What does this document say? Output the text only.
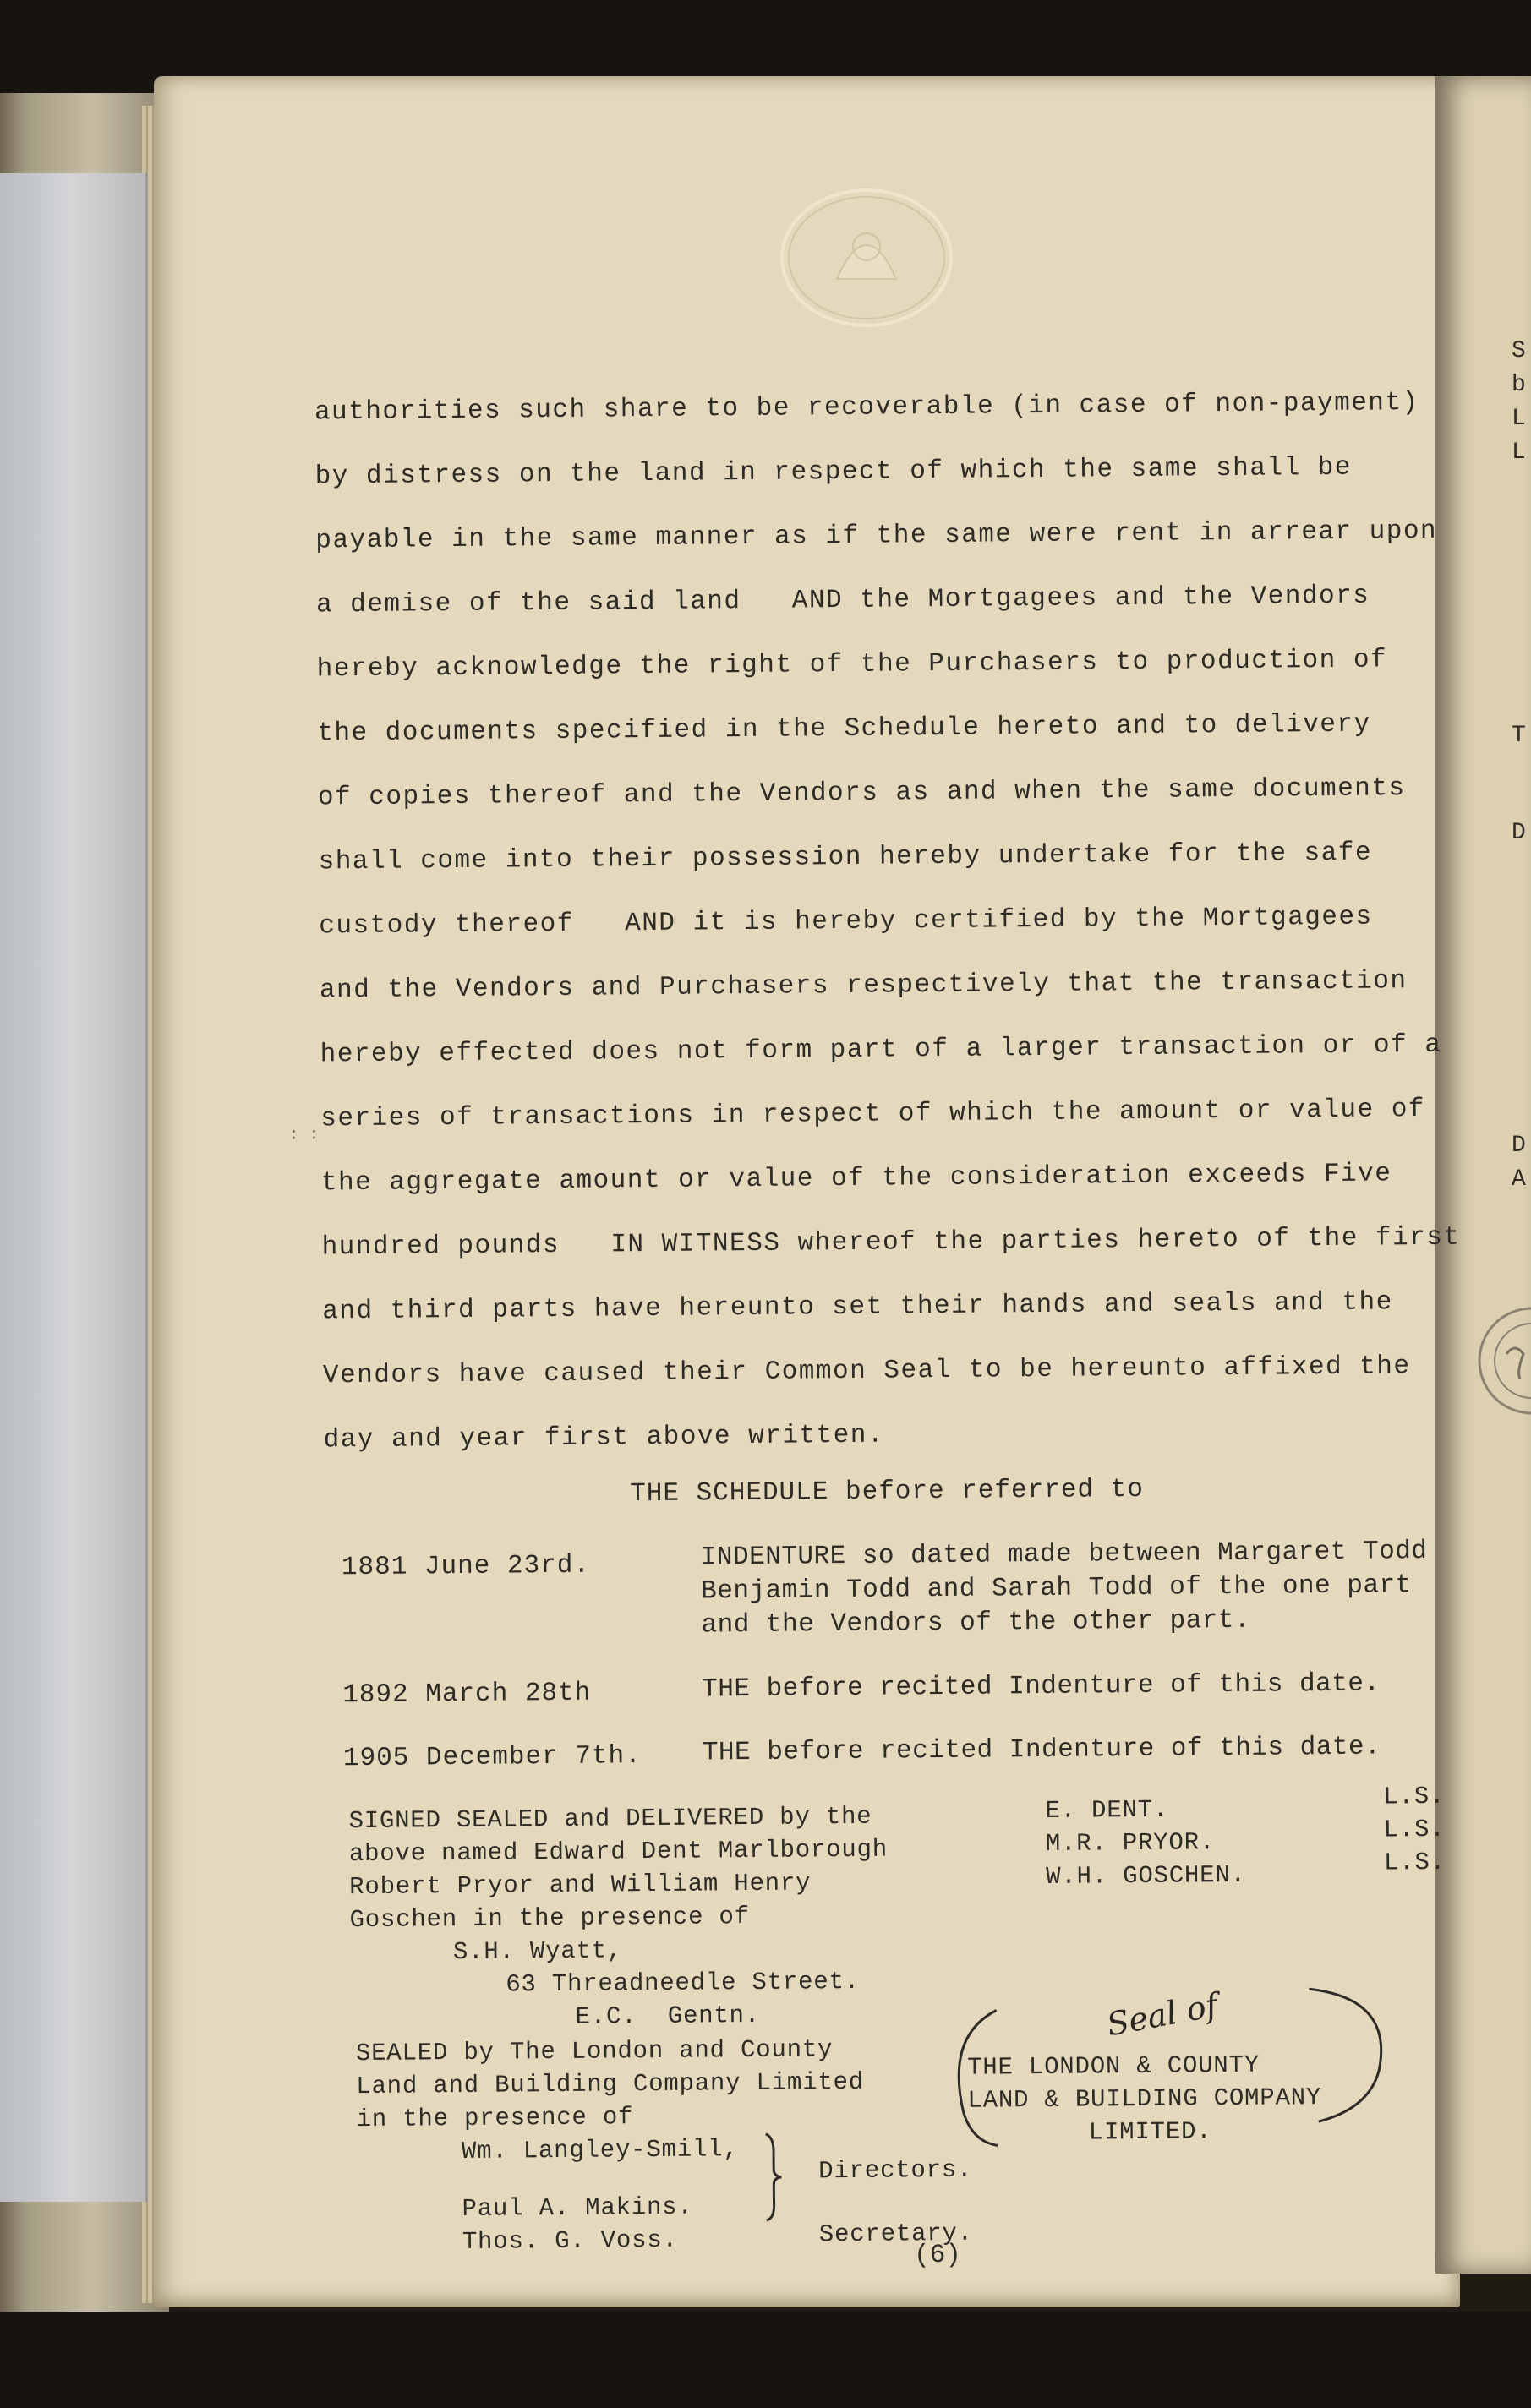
S
b
L
L
T
D
D
A
authorities such share to be recoverable (in case of non-payment)
by distress on the land in respect of which the same shall be
payable in the same manner as if the same were rent in arrear upon
a demise of the said land   AND the Mortgagees and the Vendors
hereby acknowledge the right of the Purchasers to production of
the documents specified in the Schedule hereto and to delivery
of copies thereof and the Vendors as and when the same documents
shall come into their possession hereby undertake for the safe
custody thereof   AND it is hereby certified by the Mortgagees
and the Vendors and Purchasers respectively that the transaction
hereby effected does not form part of a larger transaction or of a
series of transactions in respect of which the amount or value of
the aggregate amount or value of the consideration exceeds Five
hundred pounds   IN WITNESS whereof the parties hereto of the first
and third parts have hereunto set their hands and seals and the
Vendors have caused their Common Seal to be hereunto affixed the
day and year first above written.
: :
THE SCHEDULE before referred to
1881 June 23rd.	INDENTURE so dated made between Margaret Todd
Benjamin Todd and Sarah Todd of the one part
and the Vendors of the other part.
1892 March 28th	THE before recited Indenture of this date.
1905 December 7th. THE before recited Indenture of this date.
SIGNED SEALED and DELIVERED by the
above named Edward Dent Marlborough
Robert Pryor and William Henry
Goschen in the presence of
S.H. Wyatt,
63 Threadneedle Street.
E.C.  Gentn.
E. DENT.
M.R. PRYOR.
W.H. GOSCHEN.
L.S.
L.S.
L.S.
SEALED by The London and County
Land and Building Company Limited
in the presence of
Wm. Langley-Smill,
Paul A. Makins.
Thos. G. Voss.
Directors.
Secretary.
Seal of
THE LONDON & COUNTY
LAND & BUILDING COMPANY
LIMITED.
(6)
